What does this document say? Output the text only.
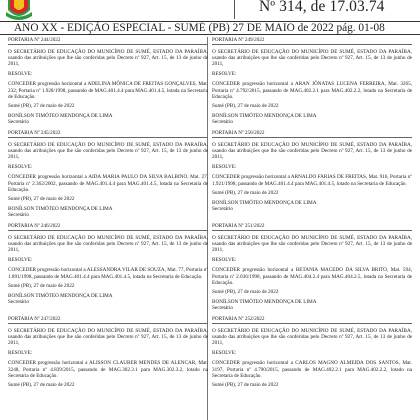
Nº 314, de 17.03.74
ANO XX - EDIÇÃO ESPECIAL - SUMÉ (PB) 27 DE MAIO de 2022 pág. 01-08
PORTARIA Nº 244/2022
O SECRETÁRIO DE EDUCAÇÃO DO MUNICÍPIO DE SUMÉ, ESTADO DA PARAÍBA, usando das atribuições que lhe são conferidas pelo Decreto nº 927, Art. 15, de 13 de junho de 2011,
RESOLVE:
CONCEDER progressão horizontal a ADELINA MÔNICA DE FREITAS GONÇALVES, Mat. 232, Portaria nº 1.928/1998, passando de MAG.401.4.4 para MAG.401.4.5, lotada na Secretaria de Educação.
Sumé (PB), 27 de maio de 2022
BONÍLSON TIMÓTEO MENDONÇA DE LIMA
Secretário
PORTARIA Nº 245/2022
O SECRETÁRIO DE EDUCAÇÃO DO MUNICÍPIO DE SUMÉ, ESTADO DA PARAÍBA, usando das atribuições que lhe são conferidas pelo Decreto nº 927, Art. 15, de 13 de junho de 2011,
RESOLVE:
CONCEDER progressão horizontal a AIDA MARIA PAULO DA SILVA BALBINO, Mat. 27, Portaria nº 2.362/2002, passando de MAG.401.4.4 para MAG.401.4.5, lotada na Secretaria de Educação.
Sumé (PB), 27 de maio de 2022
BONÍLSON TIMÓTEO MENDONÇA DE LIMA
Secretário
PORTARIA Nº 246/2022
O SECRETÁRIO DE EDUCAÇÃO DO MUNICÍPIO DE SUMÉ, ESTADO DA PARAÍBA, usando das atribuições que lhe são conferidas pelo Decreto nº 927, Art. 15, de 13 de junho de 2011,
RESOLVE:
CONCEDER progressão horizontal a ALESSANDRA VILAR DE SOUZA, Mat. 77, Portaria nº 1.891/1998, passando de MAG.401.4.4 para MAG.401.4.5, lotada na Secretaria de Educação.
Sumé (PB), 27 de maio de 2022
BONÍLSON TIMÓTEO MENDONÇA DE LIMA
Secretário
PORTARIA Nº 247/2022
O SECRETÁRIO DE EDUCAÇÃO DO MUNICÍPIO DE SUMÉ, ESTADO DA PARAÍBA, usando das atribuições que lhe são conferidas pelo Decreto nº 927, Art. 15, de 13 de junho de 2011,
RESOLVE:
CONCEDER progressão horizontal a ALISSON CLAUBER MENDES DE ALENCAR, Mat. 3248, Portaria nº 4.839/2015, passando de MAG.302.3.1 para MAG.302.3.2, lotado na Secretaria de Educação.
Sumé (PB), 27 de maio de 2022
PORTARIA Nº 249/2022
O SECRETÁRIO DE EDUCAÇÃO DO MUNICÍPIO DE SUMÉ, ESTADO DA PARAÍBA, usando das atribuições que lhe são conferidas pelo Decreto nº 927, Art. 15, de 13 de junho de 2011,
RESOLVE:
CONCEDER progressão horizontal a ARAN JÔNATAS LUCENA FERREIRA, Mat. 3265, Portaria nº 4.792/2015, passando de MAG.402.2.1 para MAG.402.2.2, lotado na Secretaria de Educação.
Sumé (PB), 27 de maio de 2022
BONÍLSON TIMÓTEO MENDONÇA DE LIMA
Secretário
PORTARIA Nº 250/2022
O SECRETÁRIO DE EDUCAÇÃO DO MUNICÍPIO DE SUMÉ, ESTADO DA PARAÍBA, usando das atribuições que lhe são conferidas pelo Decreto nº 927, Art. 15, de 13 de junho de 2011,
RESOLVE:
CONCEDER progressão horizontal a ARNALDO FARIAS DE FREITAS, Mat. 916, Portaria nº 1.921/1998, passando de MAG.401.4.4 para MAG.401.4.5, lotado na Secretaria de Educação.
Sumé (PB), 27 de maio de 2022
BONÍLSON TIMÓTEO MENDONÇA DE LIMA
Secretário
PORTARIA Nº 251/2022
O SECRETÁRIO DE EDUCAÇÃO DO MUNICÍPIO DE SUMÉ, ESTADO DA PARAÍBA, usando das atribuições que lhe são conferidas pelo Decreto nº 927, Art. 15, de 13 de junho de 2011,
RESOLVE:
CONCEDER progressão horizontal a BETANIA MACEDO DA SILVA BRITO, Mat. 594, Portaria nº 2.036/1998, passando de MAG.404.2.4 para MAG.404.2.5, lotada na Secretaria de Educação.
Sumé (PB), 27 de maio de 2022
BONÍLSON TIMÓTEO MENDONÇA DE LIMA
Secretário
PORTARIA Nº 252/2022
O SECRETÁRIO DE EDUCAÇÃO DO MUNICÍPIO DE SUMÉ, ESTADO DA PARAÍBA, usando das atribuições que lhe são conferidas pelo Decreto nº 927, Art. 15, de 13 de junho de 2011,
RESOLVE:
CONCEDER progressão horizontal a CARLOS MAGNO ALMEIDA DOS SANTOS, Mat. 3197, Portaria nº 4.790/2015, passando de MAG.402.2.1 para MAG.402.2.2, lotado na Secretaria de Educação.
Sumé (PB), 27 de maio de 2022
